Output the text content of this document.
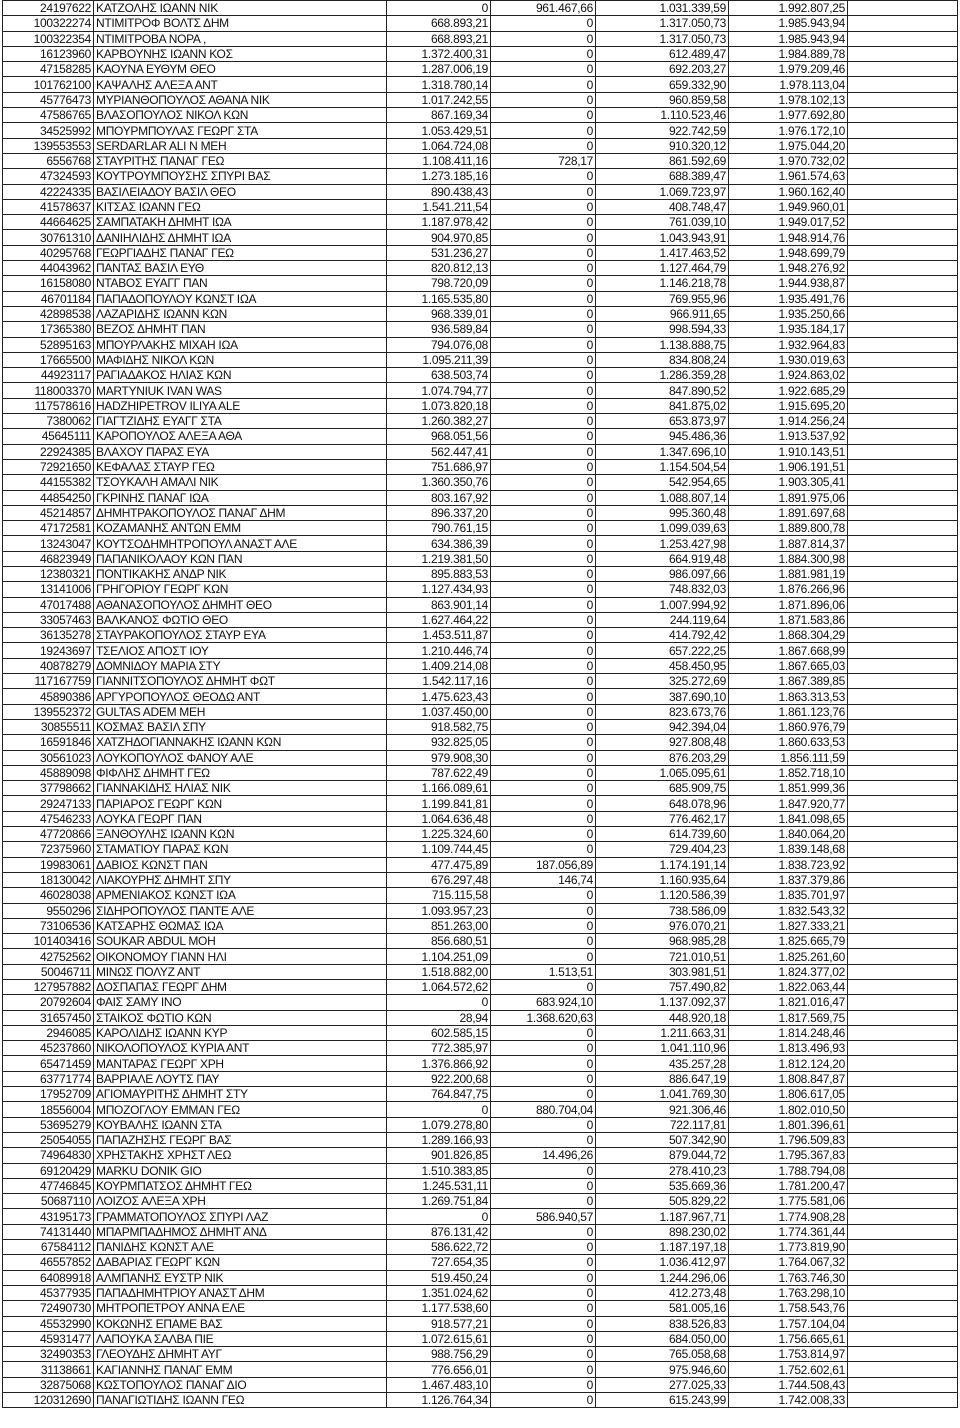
24197622	ΚΑΤΖΟΛΗΣ ΙΩΑΝΝ ΝΙΚ	0	961.467,66	1.031.339,59	1.992.807,25	
100322274	ΝΤΙΜΙΤΡΟΦ ΒΟΛΤΣ ΔΗΜ	668.893,21	0	1.317.050,73	1.985.943,94	
100322354	ΝΤΙΜΙΤΡΟΒΑ ΝΟΡΑ ,	668.893,21	0	1.317.050,73	1.985.943,94	
16123960	ΚΑΡΒΟΥΝΗΣ ΙΩΑΝΝ ΚΟΣ	1.372.400,31	0	612.489,47	1.984.889,78	
47158285	ΚΑΟΥΝΑ ΕΥΘΥΜ ΘΕΟ	1.287.006,19	0	692.203,27	1.979.209,46	
101762100	ΚΑΨΑΛΗΣ ΑΛΕΞΑ ΑΝΤ	1.318.780,14	0	659.332,90	1.978.113,04	
45776473	ΜΥΡΙΑΝΘΟΠΟΥΛΟΣ ΑΘΑΝΑ ΝΙΚ	1.017.242,55	0	960.859,58	1.978.102,13	
47586765	ΒΛΑΣΟΠΟΥΛΟΣ ΝΙΚΟΛ ΚΩΝ	867.169,34	0	1.110.523,46	1.977.692,80	
34525992	ΜΠΟΥΡΜΠΟΥΛΑΣ ΓΕΩΡΓ ΣΤΑ	1.053.429,51	0	922.742,59	1.976.172,10	
139553553	SERDARLAR ALI N MEH	1.064.724,08	0	910.320,12	1.975.044,20	
6556768	ΣΤΑΥΡΙΤΗΣ ΠΑΝΑΓ ΓΕΩ	1.108.411,16	728,17	861.592,69	1.970.732,02	
47324593	ΚΟΥΤΡΟΥΜΠΟΥΣΗΣ ΣΠΥΡΙ ΒΑΣ	1.273.185,16	0	688.389,47	1.961.574,63	
42224335	ΒΑΣΙΛΕΙΑΔΟΥ ΒΑΣΙΛ ΘΕΟ	890.438,43	0	1.069.723,97	1.960.162,40	
41578637	ΚΙΤΣΑΣ ΙΩΑΝΝ ΓΕΩ	1.541.211,54	0	408.748,47	1.949.960,01	
44664625	ΣΑΜΠΑΤΑΚΗ ΔΗΜΗΤ ΙΩΑ	1.187.978,42	0	761.039,10	1.949.017,52	
30761310	ΔΑΝΙΗΛΙΔΗΣ ΔΗΜΗΤ ΙΩΑ	904.970,85	0	1.043.943,91	1.948.914,76	
40295768	ΓΕΩΡΓΙΑΔΗΣ ΠΑΝΑΓ ΓΕΩ	531.236,27	0	1.417.463,52	1.948.699,79	
44043962	ΠΑΝΤΑΣ ΒΑΣΙΛ ΕΥΘ	820.812,13	0	1.127.464,79	1.948.276,92	
16158080	ΝΤΑΒΟΣ ΕΥΑΓΓ ΠΑΝ	798.720,09	0	1.146.218,78	1.944.938,87	
46701184	ΠΑΠΑΔΟΠΟΥΛΟΥ ΚΩΝΣΤ ΙΩΑ	1.165.535,80	0	769.955,96	1.935.491,76	
42898538	ΛΑΖΑΡΙΔΗΣ ΙΩΑΝΝ ΚΩΝ	968.339,01	0	966.911,65	1.935.250,66	
17365380	ΒΕΖΟΣ ΔΗΜΗΤ ΠΑΝ	936.589,84	0	998.594,33	1.935.184,17	
52895163	ΜΠΟΥΡΛΑΚΗΣ ΜΙΧΑΗ ΙΩΑ	794.076,08	0	1.138.888,75	1.932.964,83	
17665500	ΜΑΦΙΔΗΣ ΝΙΚΟΛ ΚΩΝ	1.095.211,39	0	834.808,24	1.930.019,63	
44923117	ΡΑΓΙΑΔΑΚΟΣ ΗΛΙΑΣ ΚΩΝ	638.503,74	0	1.286.359,28	1.924.863,02	
118003370	MARTYNIUK IVAN WAS	1.074.794,77	0	847.890,52	1.922.685,29	
117578616	HADZHIPETROV ILIYA ALE	1.073.820,18	0	841.875,02	1.915.695,20	
7380062	ΓΙΑΓΤΖΙΔΗΣ ΕΥΑΓΓ ΣΤΑ	1.260.382,27	0	653.873,97	1.914.256,24	
45645111	ΚΑΡΟΠΟΥΛΟΣ ΑΛΕΞΑ ΑΘΑ	968.051,56	0	945.486,36	1.913.537,92	
22924385	ΒΛΑΧΟΥ ΠΑΡΑΣ ΕΥΑ	562.447,41	0	1.347.696,10	1.910.143,51	
72921650	ΚΕΦΑΛΑΣ ΣΤΑΥΡ ΓΕΩ	751.686,97	0	1.154.504,54	1.906.191,51	
44155382	ΤΣΟΥΚΑΛΗ ΑΜΑΛΙ ΝΙΚ	1.360.350,76	0	542.954,65	1.903.305,41	
44854250	ΓΚΡΙΝΗΣ ΠΑΝΑΓ ΙΩΑ	803.167,92	0	1.088.807,14	1.891.975,06	
45214857	ΔΗΜΗΤΡΑΚΟΠΟΥΛΟΣ ΠΑΝΑΓ ΔΗΜ	896.337,20	0	995.360,48	1.891.697,68	
47172581	ΚΟΖΑΜΑΝΗΣ ΑΝΤΩΝ ΕΜΜ	790.761,15	0	1.099.039,63	1.889.800,78	
13243047	ΚΟΥΤΣΟΔΗΜΗΤΡΟΠΟΥΛ ΑΝΑΣΤ ΑΛΕ	634.386,39	0	1.253.427,98	1.887.814,37	
46823949	ΠΑΠΑΝΙΚΟΛΑΟΥ ΚΩΝ ΠΑΝ	1.219.381,50	0	664.919,48	1.884.300,98	
12380321	ΠΟΝΤΙΚΑΚΗΣ ΑΝΔΡ ΝΙΚ	895.883,53	0	986.097,66	1.881.981,19	
13141006	ΓΡΗΓΟΡΙΟΥ ΓΕΩΡΓ ΚΩΝ	1.127.434,93	0	748.832,03	1.876.266,96	
47017488	ΑΘΑΝΑΣΟΠΟΥΛΟΣ ΔΗΜΗΤ ΘΕΟ	863.901,14	0	1.007.994,92	1.871.896,06	
33057463	ΒΑΛΚΑΝΟΣ ΦΩΤΙΟ ΘΕΟ	1.627.464,22	0	244.119,64	1.871.583,86	
36135278	ΣΤΑΥΡΑΚΟΠΟΥΛΟΣ ΣΤΑΥΡ ΕΥΑ	1.453.511,87	0	414.792,42	1.868.304,29	
19243697	ΤΣΕΛΙΟΣ ΑΠΟΣΤ ΙΟΥ	1.210.446,74	0	657.222,25	1.867.668,99	
40878279	ΔΟΜΝΙΔΟΥ ΜΑΡΙΑ ΣΤΥ	1.409.214,08	0	458.450,95	1.867.665,03	
117167759	ΓΙΑΝΝΙΤΣΟΠΟΥΛΟΣ ΔΗΜΗΤ ΦΩΤ	1.542.117,16	0	325.272,69	1.867.389,85	
45890386	ΑΡΓΥΡΟΠΟΥΛΟΣ ΘΕΟΔΩ ΑΝΤ	1.475.623,43	0	387.690,10	1.863.313,53	
139552372	GULTAS ADEM MEH	1.037.450,00	0	823.673,76	1.861.123,76	
30855511	ΚΟΣΜΑΣ ΒΑΣΙΛ ΣΠΥ	918.582,75	0	942.394,04	1.860.976,79	
16591846	ΧΑΤΖΗΔΟΓΙΑΝΝΑΚΗΣ ΙΩΑΝΝ ΚΩΝ	932.825,05	0	927.808,48	1.860.633,53	
30561023	ΛΟΥΚΟΠΟΥΛΟΣ ΦΑΝΟΥ ΑΛΕ	979.908,30	0	876.203,29	1.856.111,59	
45889098	ΦΙΦΛΗΣ ΔΗΜΗΤ ΓΕΩ	787.622,49	0	1.065.095,61	1.852.718,10	
37798662	ΓΙΑΝΝΑΚΙΔΗΣ ΗΛΙΑΣ ΝΙΚ	1.166.089,61	0	685.909,75	1.851.999,36	
29247133	ΠΑΡΙΑΡΟΣ ΓΕΩΡΓ ΚΩΝ	1.199.841,81	0	648.078,96	1.847.920,77	
47546233	ΛΟΥΚΑ ΓΕΩΡΓ ΠΑΝ	1.064.636,48	0	776.462,17	1.841.098,65	
47720866	ΞΑΝΘΟΥΛΗΣ ΙΩΑΝΝ ΚΩΝ	1.225.324,60	0	614.739,60	1.840.064,20	
72375960	ΣΤΑΜΑΤΙΟΥ ΠΑΡΑΣ ΚΩΝ	1.109.744,45	0	729.404,23	1.839.148,68	
19983061	ΔΑΒΙΟΣ ΚΩΝΣΤ ΠΑΝ	477.475,89	187.056,89	1.174.191,14	1.838.723,92	
18130042	ΛΙΑΚΟΥΡΗΣ ΔΗΜΗΤ ΣΠΥ	676.297,48	146,74	1.160.935,64	1.837.379,86	
46028038	ΑΡΜΕΝΙΑΚΟΣ ΚΩΝΣΤ ΙΩΑ	715.115,58	0	1.120.586,39	1.835.701,97	
9550296	ΣΙΔΗΡΟΠΟΥΛΟΣ ΠΑΝΤΕ ΑΛΕ	1.093.957,23	0	738.586,09	1.832.543,32	
73106536	ΚΑΤΣΑΡΗΣ ΘΩΜΑΣ ΙΩΑ	851.263,00	0	976.070,21	1.827.333,21	
101403416	SOUKAR ABDUL MOH	856.680,51	0	968.985,28	1.825.665,79	
42752562	ΟΙΚΟΝΟΜΟΥ ΓΙΑΝΝ ΗΛΙ	1.104.251,09	0	721.010,51	1.825.261,60	
50046711	ΜΙΝΩΣ ΠΟΛΥΖ ΑΝΤ	1.518.882,00	1.513,51	303.981,51	1.824.377,02	
127957882	ΔΟΣΠΑΠΑΣ ΓΕΩΡΓ ΔΗΜ	1.064.572,62	0	757.490,82	1.822.063,44	
20792604	ΦΑΙΣ ΣΑΜΥ ΙΝΟ	0	683.924,10	1.137.092,37	1.821.016,47	
31657450	ΣΤΑΙΚΟΣ ΦΩΤΙΟ ΚΩΝ	28,94	1.368.620,63	448.920,18	1.817.569,75	
2946085	ΚΑΡΟΛΙΔΗΣ ΙΩΑΝΝ ΚΥΡ	602.585,15	0	1.211.663,31	1.814.248,46	
45237860	ΝΙΚΟΛΟΠΟΥΛΟΣ ΚΥΡΙΑ ΑΝΤ	772.385,97	0	1.041.110,96	1.813.496,93	
65471459	ΜΑΝΤΑΡΑΣ ΓΕΩΡΓ ΧΡΗ	1.376.866,92	0	435.257,28	1.812.124,20	
63771774	ΒΑΡΡΙΑΛΕ ΛΟΥΤΣ ΠΑΥ	922.200,68	0	886.647,19	1.808.847,87	
17952709	ΑΓΙΟΜΑΥΡΙΤΗΣ ΔΗΜΗΤ ΣΤΥ	764.847,75	0	1.041.769,30	1.806.617,05	
18556004	ΜΠΟΖΟΓΛΟΥ ΕΜΜΑΝ ΓΕΩ	0	880.704,04	921.306,46	1.802.010,50	
53695279	ΚΟΥΒΑΛΗΣ ΙΩΑΝΝ ΣΤΑ	1.079.278,80	0	722.117,81	1.801.396,61	
25054055	ΠΑΠΑΖΗΣΗΣ ΓΕΩΡΓ ΒΑΣ	1.289.166,93	0	507.342,90	1.796.509,83	
74964830	ΧΡΗΣΤΑΚΗΣ ΧΡΗΣΤ ΛΕΩ	901.826,85	14.496,26	879.044,72	1.795.367,83	
69120429	MARKU DONIK GIO	1.510.383,85	0	278.410,23	1.788.794,08	
47746845	ΚΟΥΡΜΠΑΤΣΟΣ ΔΗΜΗΤ ΓΕΩ	1.245.531,11	0	535.669,36	1.781.200,47	
50687110	ΛΟΙΖΟΣ ΑΛΕΞΑ ΧΡΗ	1.269.751,84	0	505.829,22	1.775.581,06	
43195173	ΓΡΑΜΜΑΤΟΠΟΥΛΟΣ ΣΠΥΡΙ ΛΑΖ	0	586.940,57	1.187.967,71	1.774.908,28	
74131440	ΜΠΑΡΜΠΑΔΗΜΟΣ ΔΗΜΗΤ ΑΝΔ	876.131,42	0	898.230,02	1.774.361,44	
67584112	ΠΑΝΙΔΗΣ ΚΩΝΣΤ ΑΛΕ	586.622,72	0	1.187.197,18	1.773.819,90	
46557852	ΔΑΒΑΡΙΑΣ ΓΕΩΡΓ ΚΩΝ	727.654,35	0	1.036.412,97	1.764.067,32	
64089918	ΑΛΜΠΑΝΗΣ ΕΥΣΤΡ ΝΙΚ	519.450,24	0	1.244.296,06	1.763.746,30	
45377935	ΠΑΠΑΔΗΜΗΤΡΙΟΥ ΑΝΑΣΤ ΔΗΜ	1.351.024,62	0	412.273,48	1.763.298,10	
72490730	ΜΗΤΡΟΠΕΤΡΟΥ ΑΝΝΑ ΕΛΕ	1.177.538,60	0	581.005,16	1.758.543,76	
45532990	ΚΟΚΩΝΗΣ ΕΠΑΜΕ ΒΑΣ	918.577,21	0	838.526,83	1.757.104,04	
45931477	ΛΑΠΟΥΚΑ ΣΑΛΒΑ ΠΙΕ	1.072.615,61	0	684.050,00	1.756.665,61	
32490353	ΓΛΕΟΥΔΗΣ ΔΗΜΗΤ ΑΥΓ	988.756,29	0	765.058,68	1.753.814,97	
31138661	ΚΑΓΙΑΝΝΗΣ ΠΑΝΑΓ ΕΜΜ	776.656,01	0	975.946,60	1.752.602,61	
32875068	ΚΩΣΤΟΠΟΥΛΟΣ ΠΑΝΑΓ ΔΙΟ	1.467.483,10	0	277.025,33	1.744.508,43	
120312690	ΠΑΝΑΓΙΩΤΙΔΗΣ ΙΩΑΝΝ ΓΕΩ	1.126.764,34	0	615.243,99	1.742.008,33	
